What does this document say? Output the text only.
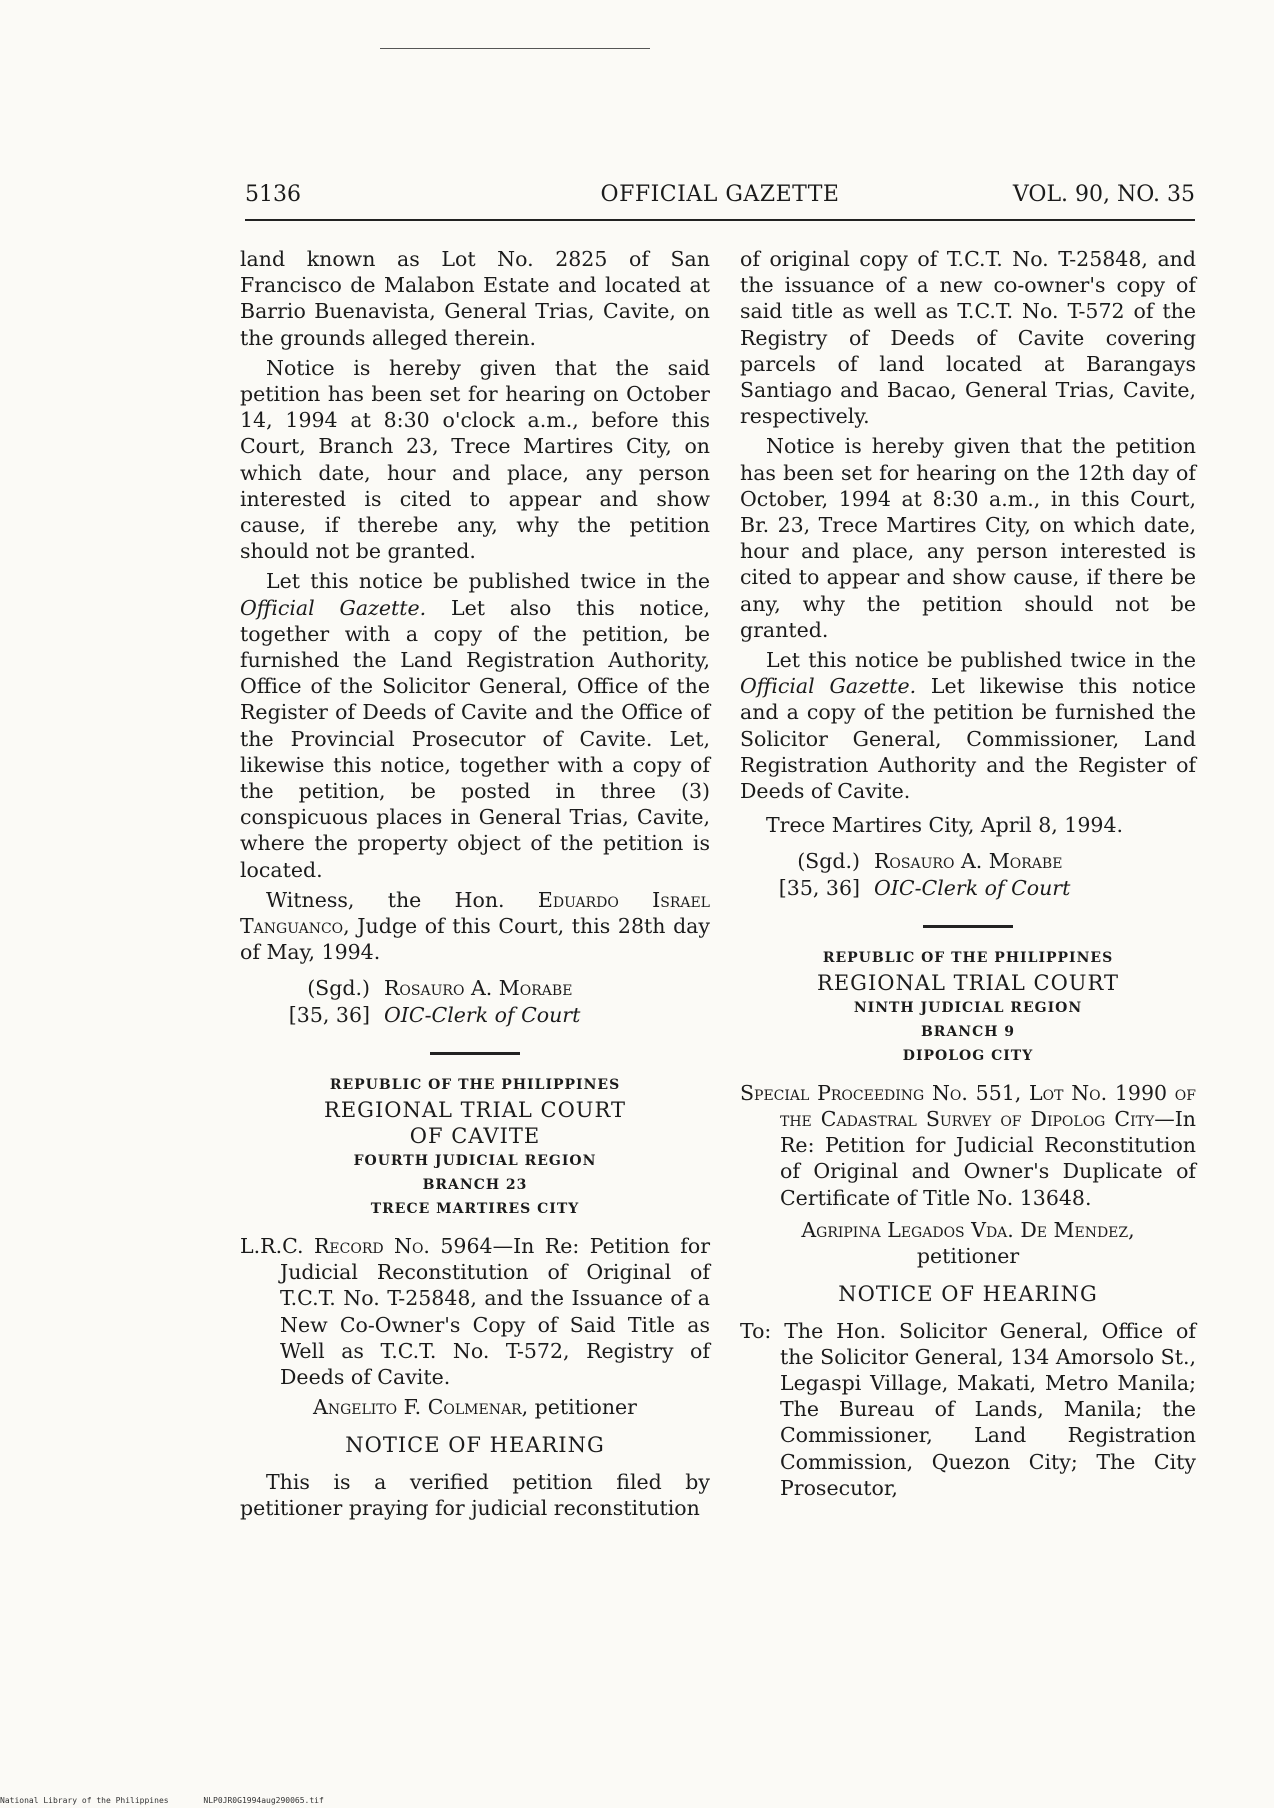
5136	OFFICIAL GAZETTE	VOL. 90, NO. 35

land known as Lot No. 2825 of San Francisco de Malabon Estate and located at Barrio Buenavista, General Trias, Cavite, on the grounds alleged therein.

Notice is hereby given that the said petition has been set for hearing on October 14, 1994 at 8:30 o'clock a.m., before this Court, Branch 23, Trece Martires City, on which date, hour and place, any person interested is cited to appear and show cause, if therebe any, why the petition should not be granted.

Let this notice be published twice in the Official Gazette. Let also this notice, together with a copy of the petition, be furnished the Land Registration Authority, Office of the Solicitor General, Office of the Register of Deeds of Cavite and the Office of the Provincial Prosecutor of Cavite. Let, likewise this notice, together with a copy of the petition, be posted in three (3) conspicuous places in General Trias, Cavite, where the property object of the petition is located.

Witness, the Hon. Eduardo Israel Tanguanco, Judge of this Court, this 28th day of May, 1994.

(Sgd.)
[35, 36]
Rosauro A. Morabe
OIC-Clerk of Court
REPUBLIC OF THE PHILIPPINES
REGIONAL TRIAL COURT
OF CAVITE
FOURTH JUDICIAL REGION
BRANCH 23
TRECE MARTIRES CITY

L.R.C. Record No. 5964—In Re: Petition for Judicial Reconstitution of Original of T.C.T. No. T-25848, and the Issuance of a New Co-Owner's Copy of Said Title as Well as T.C.T. No. T-572, Registry of Deeds of Cavite.

Angelito F. Colmenar, petitioner

NOTICE OF HEARING

This is a verified petition filed by petitioner praying for judicial reconstitution

of original copy of T.C.T. No. T-25848, and the issuance of a new co-owner's copy of said title as well as T.C.T. No. T-572 of the Registry of Deeds of Cavite covering parcels of land located at Barangays Santiago and Bacao, General Trias, Cavite, respectively.

Notice is hereby given that the petition has been set for hearing on the 12th day of October, 1994 at 8:30 a.m., in this Court, Br. 23, Trece Martires City, on which date, hour and place, any person interested is cited to appear and show cause, if there be any, why the petition should not be granted.

Let this notice be published twice in the Official Gazette. Let likewise this notice and a copy of the petition be furnished the Solicitor General, Commissioner, Land Registration Authority and the Register of Deeds of Cavite.

Trece Martires City, April 8, 1994.

(Sgd.)
[35, 36]
Rosauro A. Morabe
OIC-Clerk of Court
REPUBLIC OF THE PHILIPPINES
REGIONAL TRIAL COURT
NINTH JUDICIAL REGION
BRANCH 9
DIPOLOG CITY

Special Proceeding No. 551, Lot No. 1990 of the Cadastral Survey of Dipolog City—In Re: Petition for Judicial Reconstitution of Original and Owner's Duplicate of Certificate of Title No. 13648.

Agripina Legados Vda. De Mendez,
petitioner

NOTICE OF HEARING

To: The Hon. Solicitor General, Office of the Solicitor General, 134 Amorsolo St., Legaspi Village, Makati, Metro Manila; The Bureau of Lands, Manila; the Commissioner, Land Registration Commission, Quezon City; The City Prosecutor,

National Library of the Philippines	NLP0JR0G1994aug290065.tif
